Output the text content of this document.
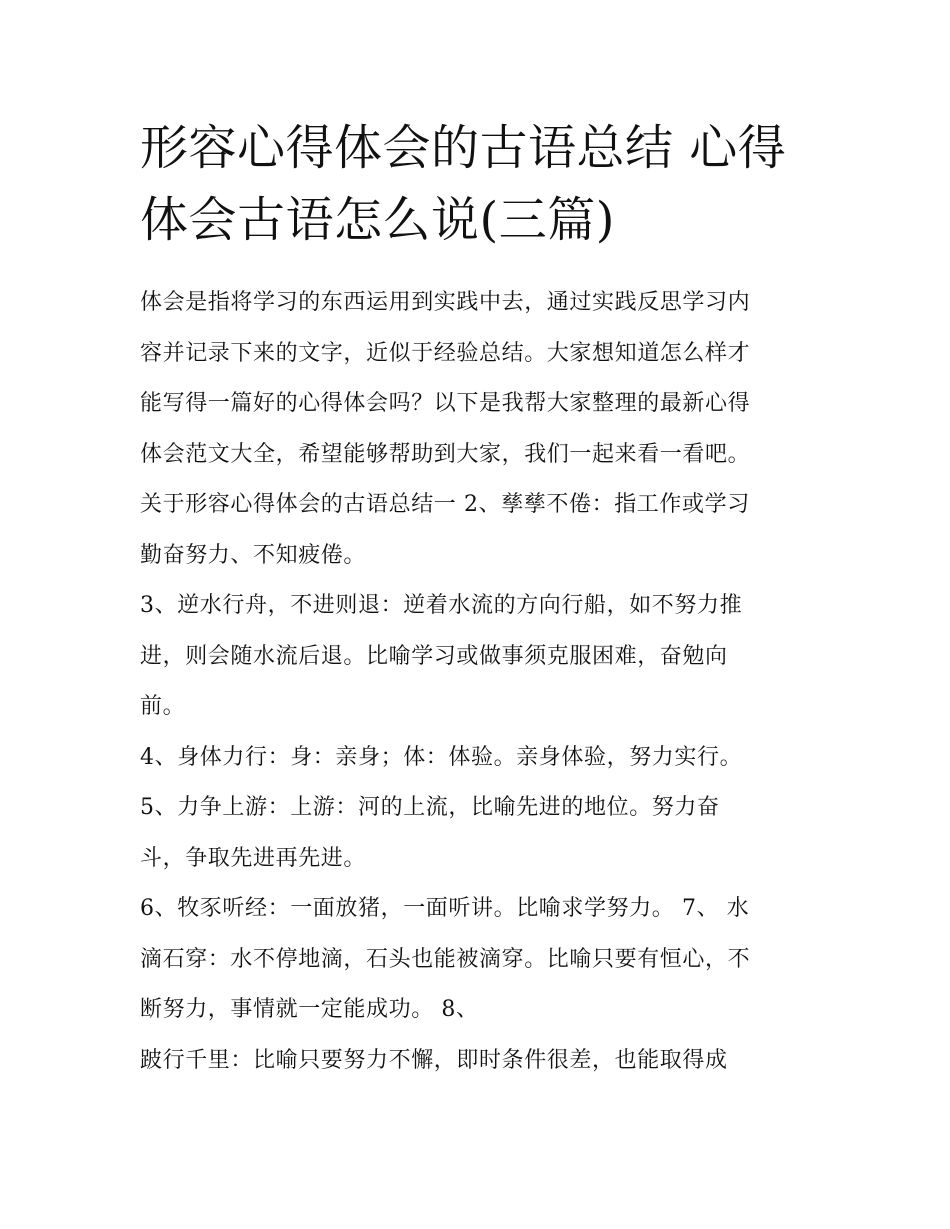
形容心得体会的古语总结 心得
体会古语怎么说(三篇)
体会是指将学习的东西运用到实践中去，通过实践反思学习内
容并记录下来的文字，近似于经验总结。大家想知道怎么样才
能写得一篇好的心得体会吗？以下是我帮大家整理的最新心得
体会范文大全，希望能够帮助到大家，我们一起来看一看吧。
关于形容心得体会的古语总结一 2、孳孳不倦：指工作或学习
勤奋努力、不知疲倦。
3、逆水行舟，不进则退：逆着水流的方向行船，如不努力推
进，则会随水流后退。比喻学习或做事须克服困难，奋勉向
前。
4、身体力行：身：亲身；体：体验。亲身体验，努力实行。
5、力争上游：上游：河的上流，比喻先进的地位。努力奋
斗，争取先进再先进。
6、牧豕听经：一面放猪，一面听讲。比喻求学努力。 7、 水
滴石穿：水不停地滴，石头也能被滴穿。比喻只要有恒心，不
断努力，事情就一定能成功。 8、
跛行千里：比喻只要努力不懈，即时条件很差，也能取得成
